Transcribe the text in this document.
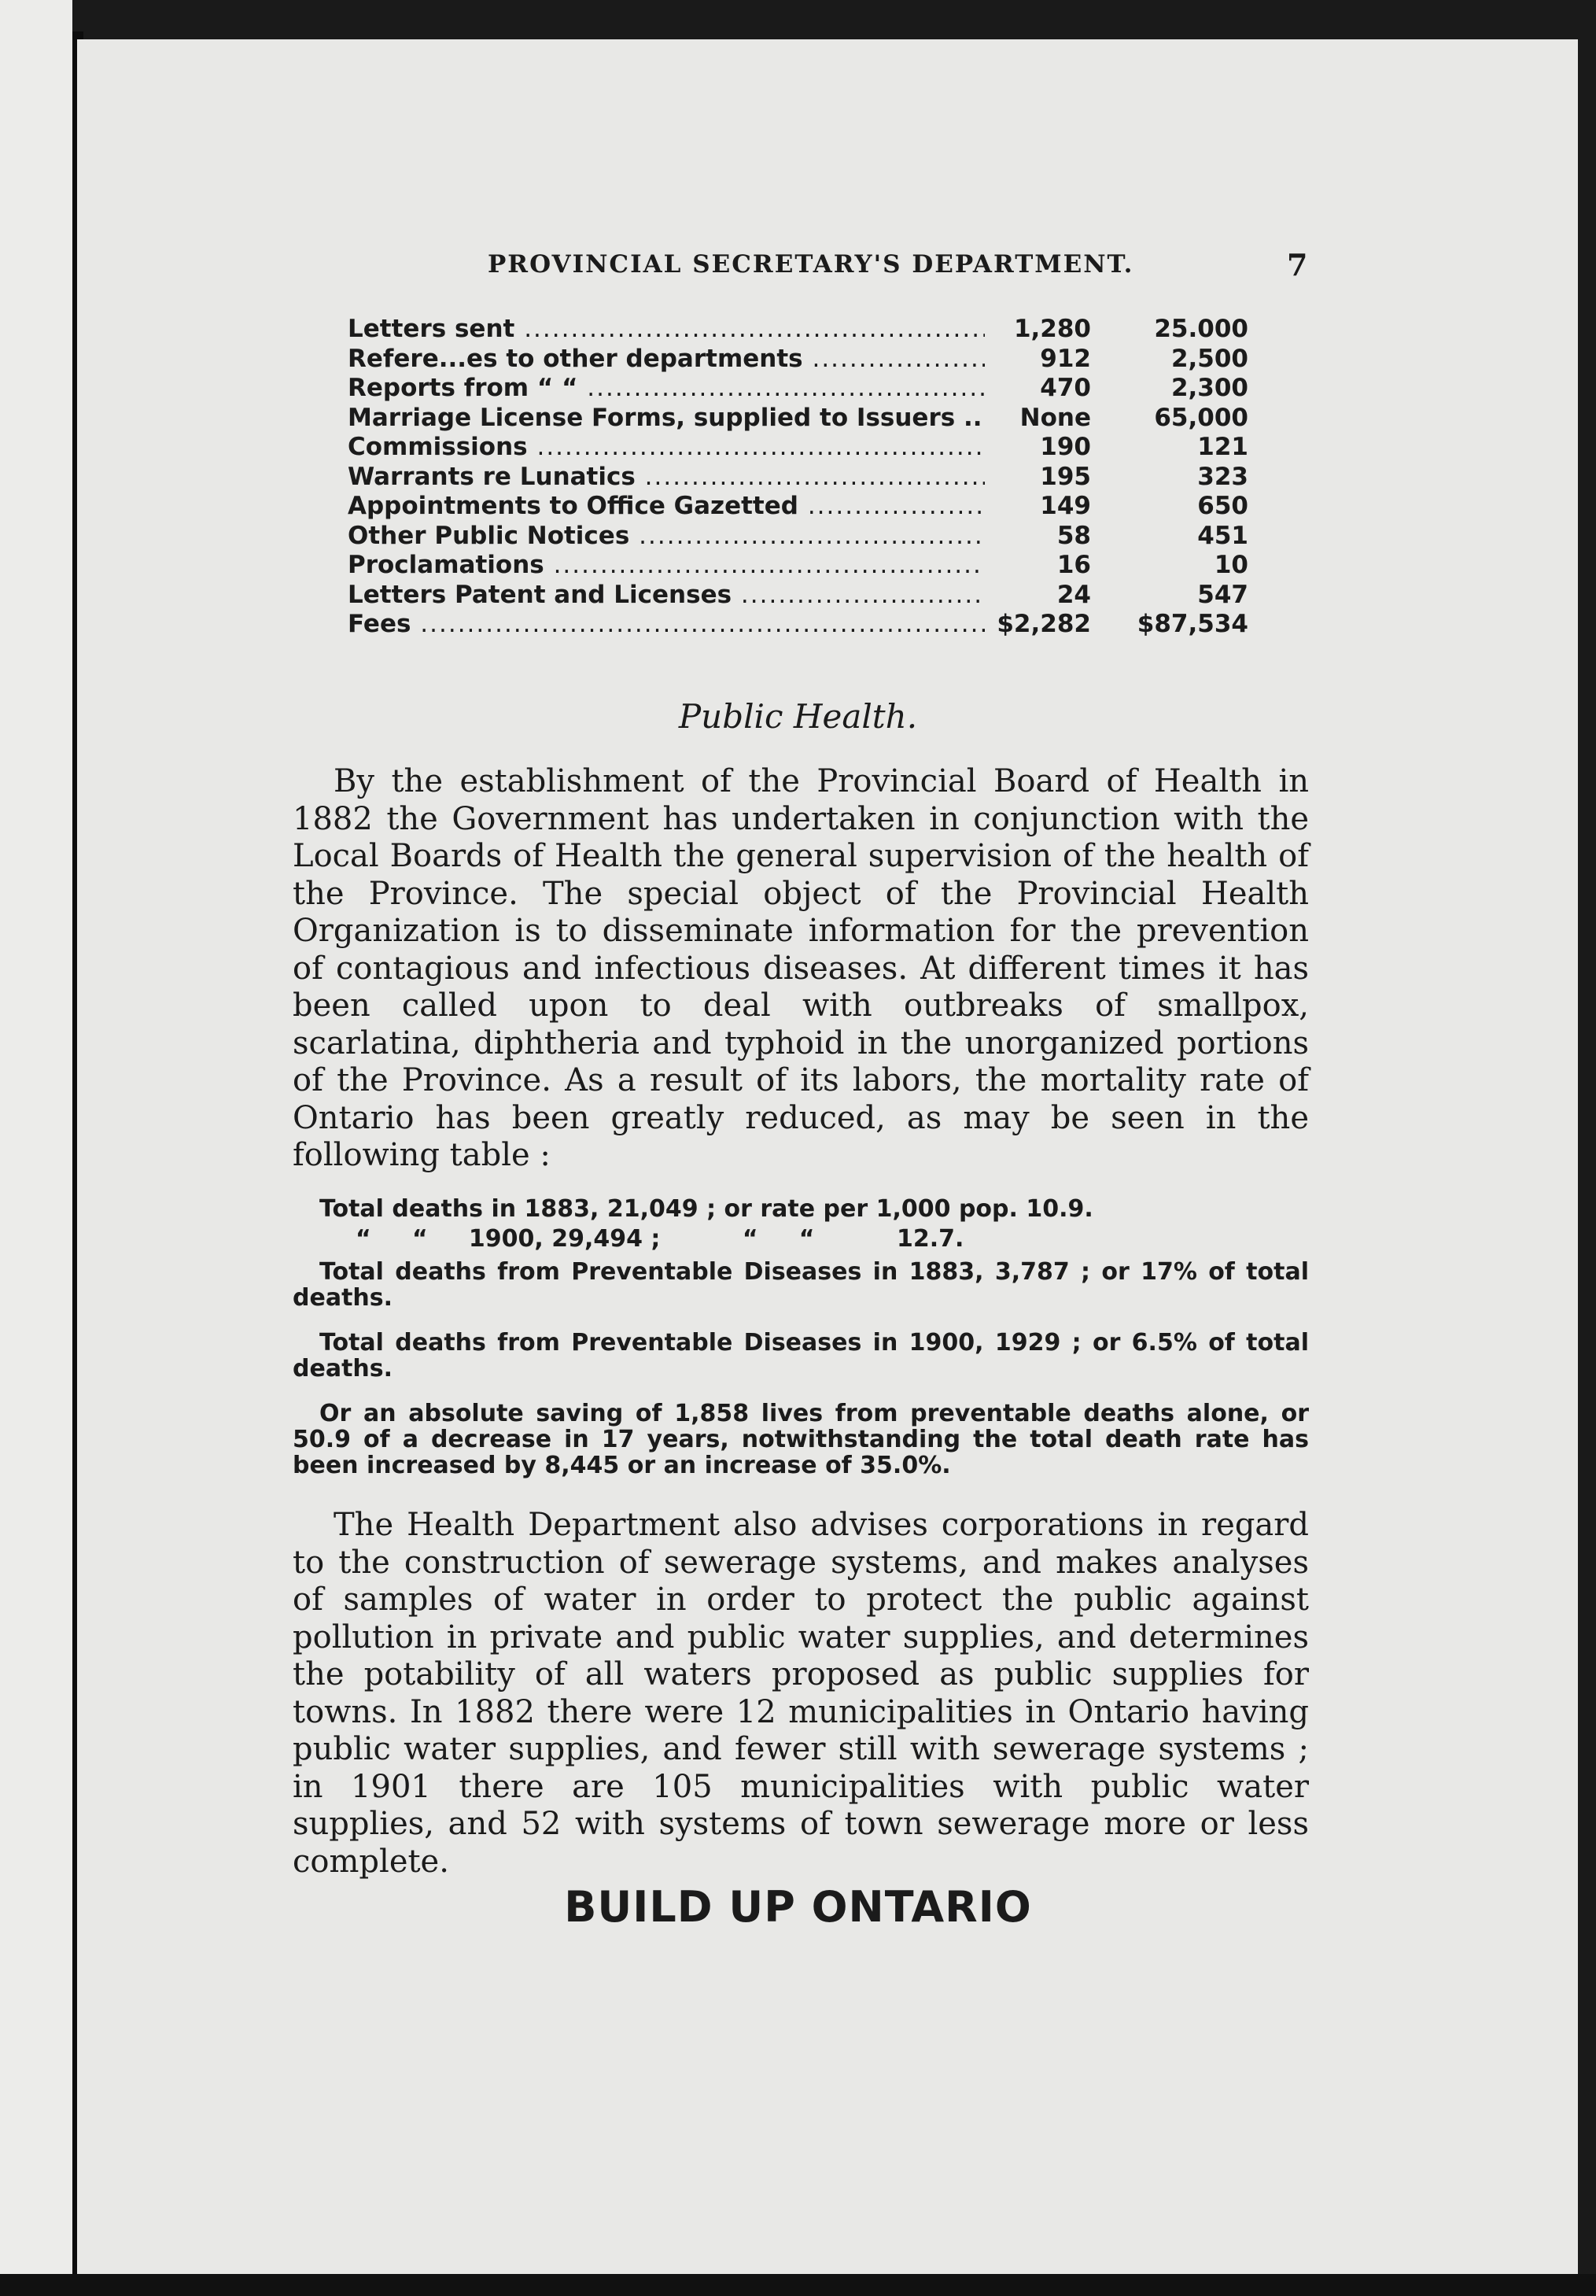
PROVINCIAL SECRETARY'S DEPARTMENT.	7
Letters sent .....	1,280	25.000
Refere...es to other departments .....	912	2,500
Reports from “ “ .....	470	2,300
Marriage License Forms, supplied to Issuers .. .....	None	65,000
Commissions .....	190	121
Warrants re Lunatics .....	195	323
Appointments to Office Gazetted .....	149	650
Other Public Notices .....	58	451
Proclamations .....	16	10
Letters Patent and Licenses .....	24	547
Fees .....	$2,282	$87,534
Public Health.
By the establishment of the Provincial Board of Health in 1882 the Government has undertaken in conjunction with the Local Boards of Health the general supervision of the health of the Province. The special object of the Provincial Health Organization is to disseminate information for the prevention of contagious and infectious diseases. At different times it has been called upon to deal with outbreaks of smallpox, scarlatina, diphtheria and typhoid in the unorganized portions of the Province. As a result of its labors, the mortality rate of Ontario has been greatly reduced, as may be seen in the following table :
Total deaths in 1883, 21,049 ; or rate per 1,000 pop. 10.9.
“     “     1900, 29,494 ;          “     “          12.7.
Total deaths from Preventable Diseases in 1883, 3,787 ; or 17% of total deaths.
Total deaths from Preventable Diseases in 1900, 1929 ; or 6.5% of total deaths.
Or an absolute saving of 1,858 lives from preventable deaths alone, or 50.9 of a decrease in 17 years, notwithstanding the total death rate has been increased by 8,445 or an increase of 35.0%.
The Health Department also advises corporations in regard to the construction of sewerage systems, and makes analyses of samples of water in order to protect the public against pollution in private and public water supplies, and determines the potability of all waters proposed as public supplies for towns. In 1882 there were 12 municipalities in Ontario having public water supplies, and fewer still with sewerage systems ; in 1901 there are 105 municipalities with public water supplies, and 52 with systems of town sewerage more or less complete.
BUILD UP ONTARIO
